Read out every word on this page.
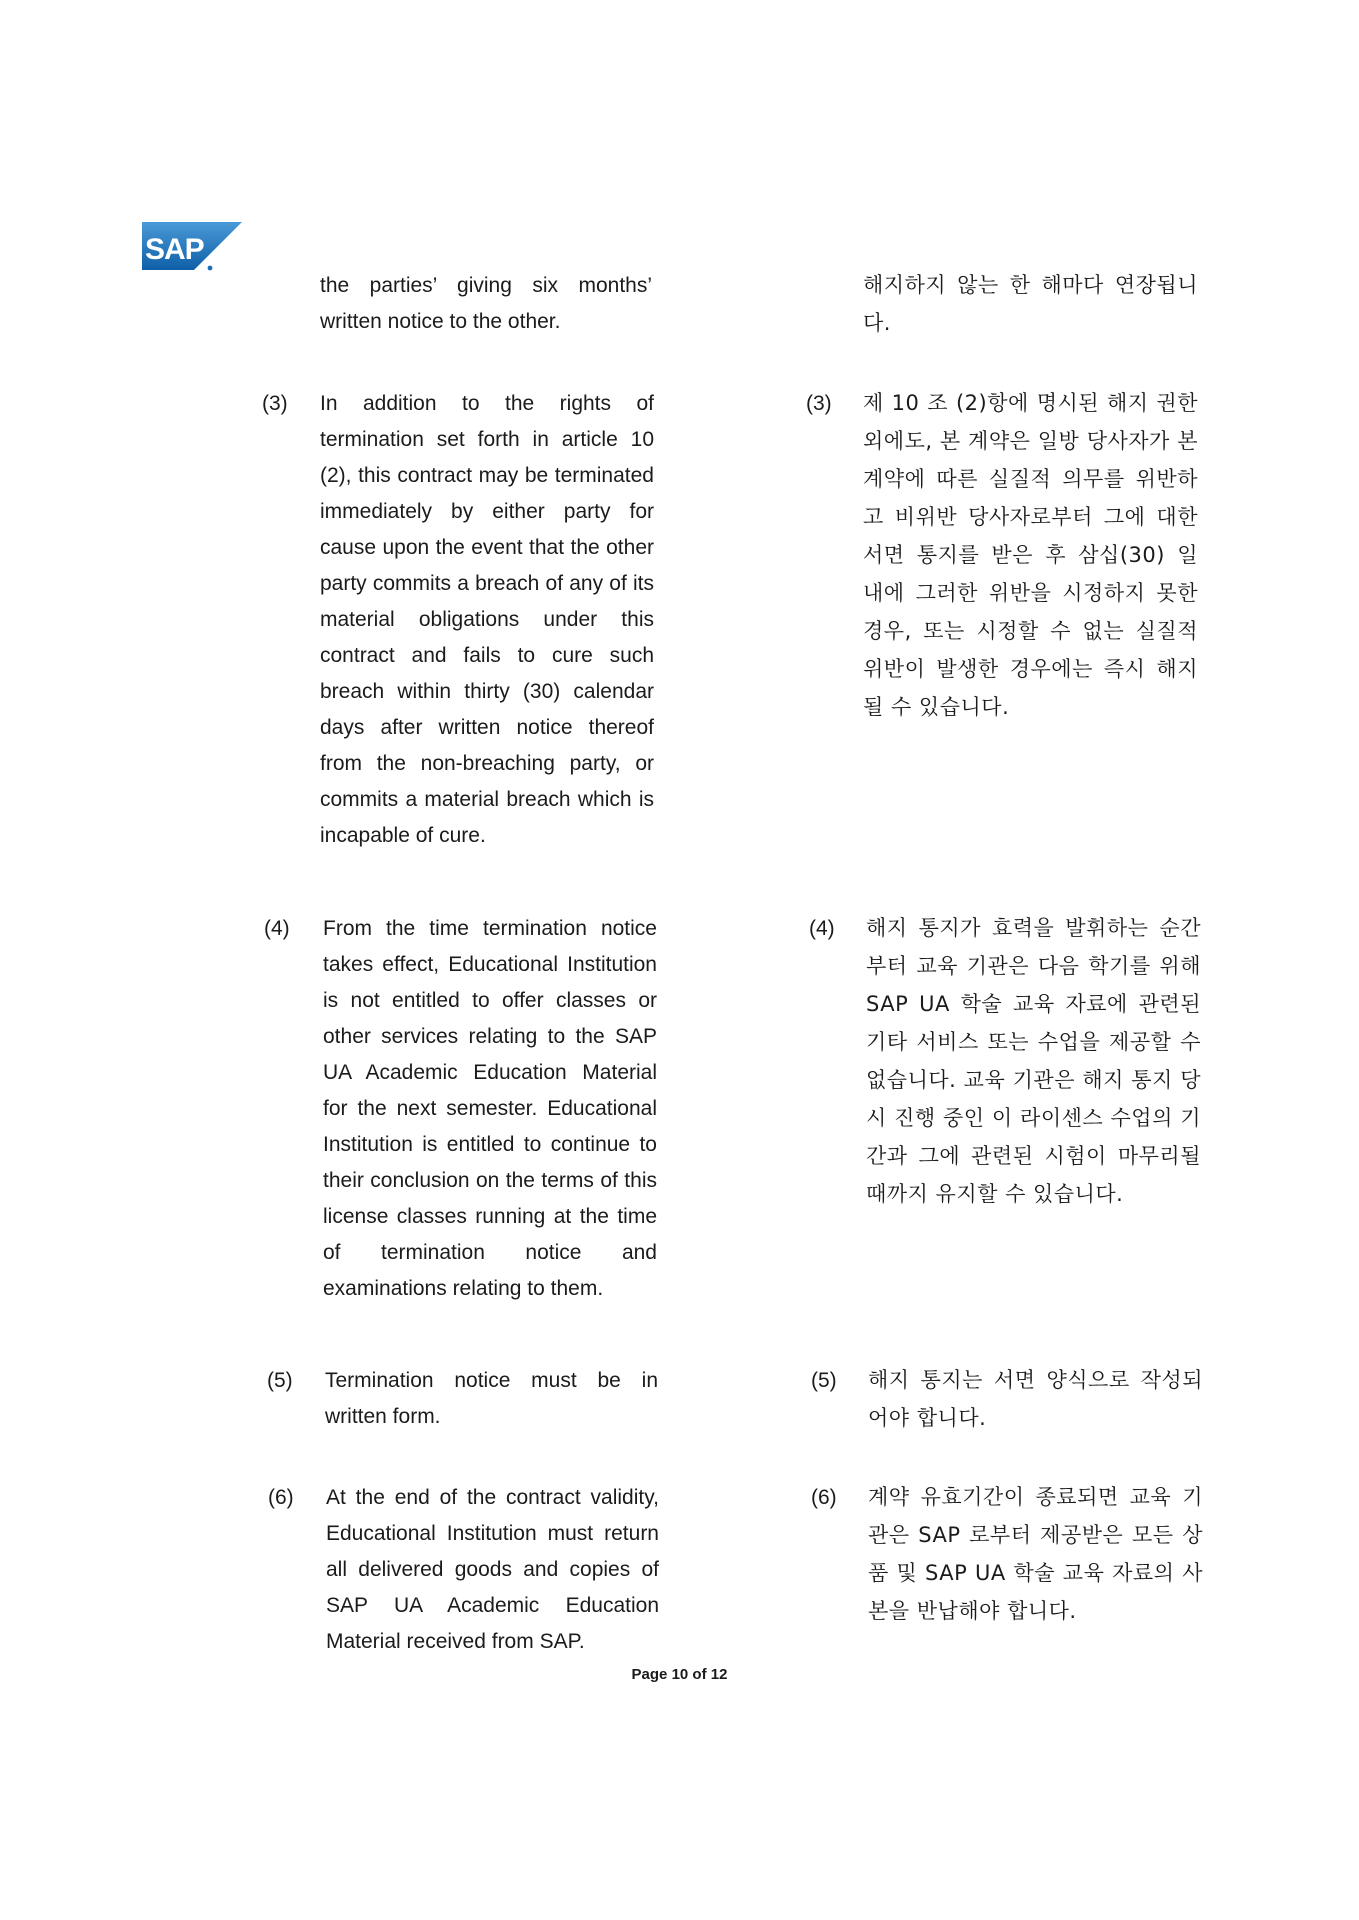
SAP
the parties’ giving six months’ written notice to the other.
해지하지 않는 한 해마다 연장됩니다.
(3) In addition to the rights of termination set forth in article 10 (2), this contract may be terminated immediately by either party for cause upon the event that the other party commits a breach of any of its material obligations under this contract and fails to cure such breach within thirty (30) calendar days after written notice thereof from the non-breaching party, or commits a material breach which is incapable of cure.
(3) 제 10 조 (2)항에 명시된 해지 권한 외에도, 본 계약은 일방 당사자가 본 계약에 따른 실질적 의무를 위반하고 비위반 당사자로부터 그에 대한 서면 통지를 받은 후 삼십(30) 일 내에 그러한 위반을 시정하지 못한 경우, 또는 시정할 수 없는 실질적 위반이 발생한 경우에는 즉시 해지될 수 있습니다.
(4) From the time termination notice takes effect, Educational Institution is not entitled to offer classes or other services relating to the SAP UA Academic Education Material for the next semester. Educational Institution is entitled to continue to their conclusion on the terms of this license classes running at the time of termination notice and examinations relating to them.
(4) 해지 통지가 효력을 발휘하는 순간부터 교육 기관은 다음 학기를 위해 SAP UA 학술 교육 자료에 관련된 기타 서비스 또는 수업을 제공할 수 없습니다. 교육 기관은 해지 통지 당시 진행 중인 이 라이센스 수업의 기간과 그에 관련된 시험이 마무리될 때까지 유지할 수 있습니다.
(5) Termination notice must be in written form.
(5) 해지 통지는 서면 양식으로 작성되어야 합니다.
(6) At the end of the contract validity, Educational Institution must return all delivered goods and copies of SAP UA Academic Education Material received from SAP.
(6) 계약 유효기간이 종료되면 교육 기관은 SAP 로부터 제공받은 모든 상품 및 SAP UA 학술 교육 자료의 사본을 반납해야 합니다.
Page 10 of 12
